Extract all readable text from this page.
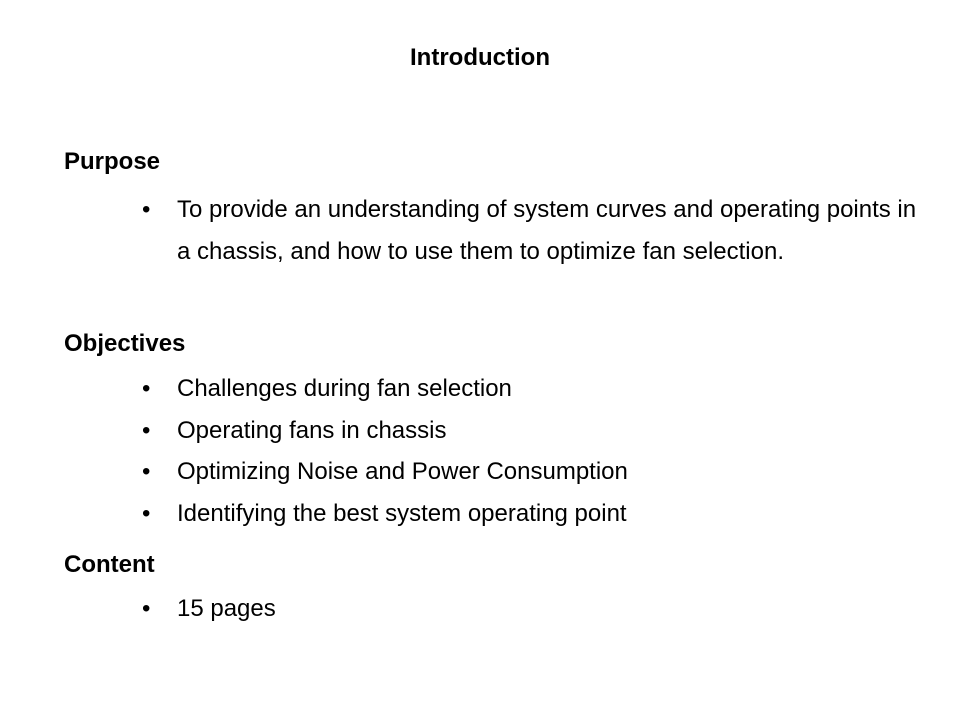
Introduction
Purpose
• To provide an understanding of system curves and operating points in a chassis, and how to use them to optimize fan selection.
Objectives
• Challenges during fan selection
• Operating fans in chassis
• Optimizing Noise and Power Consumption
• Identifying the best system operating point
Content
• 15 pages
